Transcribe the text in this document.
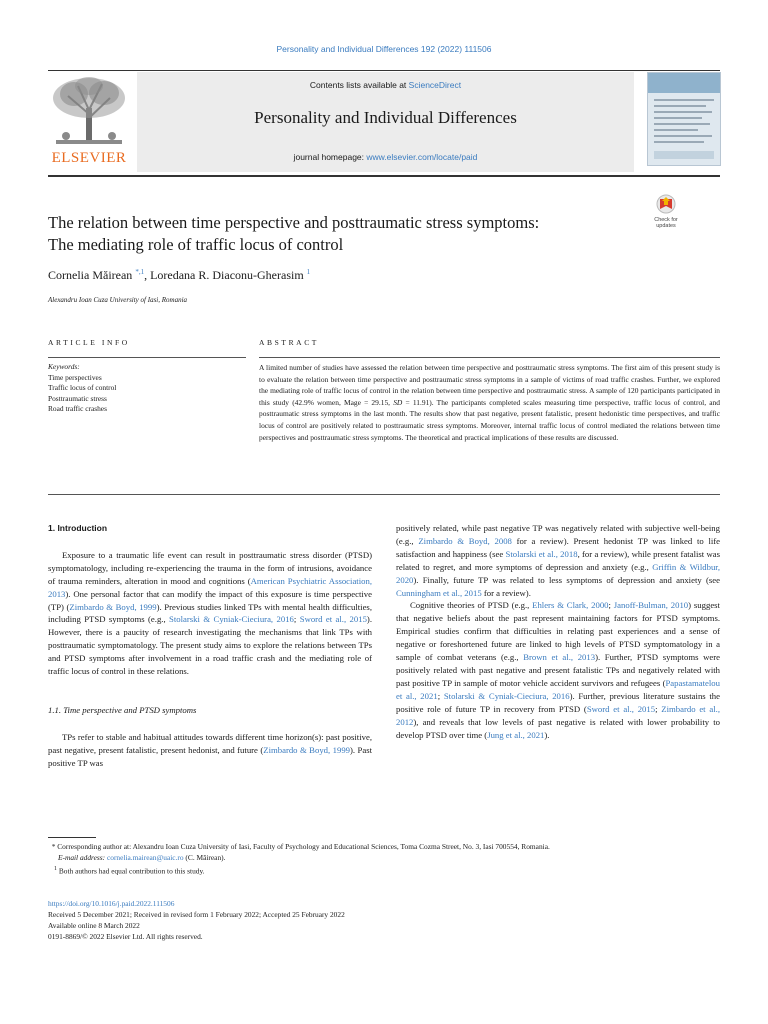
Personality and Individual Differences 192 (2022) 111506
ELSEVIER
Contents lists available at ScienceDirect
Personality and Individual Differences
journal homepage: www.elsevier.com/locate/paid
Check for
updates
The relation between time perspective and posttraumatic stress symptoms:
The mediating role of traffic locus of control
Cornelia Măirean $^{*,1}$, Loredana R. Diaconu-Gherasim $^1$
Alexandru Ioan Cuza University of Iasi, Romania
ARTICLE INFO	ABSTRACT
Keywords:
Time perspectives
Traffic locus of control
Posttraumatic stress
Road traffic crashes
A limited number of studies have assessed the relation between time perspective and posttraumatic stress symptoms. The first aim of this present study is to evaluate the relation between time perspective and posttraumatic stress symptoms in a sample of victims of road traffic crashes. Further, we explored the mediating role of traffic locus of control in the relation between time perspective and posttraumatic stress. A sample of 120 participants participated in this study (42.9% women, Mage = 29.15, SD = 11.91). The participants completed scales measuring time perspective, traffic locus of control, and posttraumatic stress symptoms in the last month. The results show that past negative, present fatalistic, present hedonistic time perspectives, and traffic locus of control are positively related to posttraumatic stress symptoms. Moreover, internal traffic locus of control mediated the relations between time perspectives and posttraumatic stress symptoms. The theoretical and practical implications of these results are discussed.
1. Introduction

Exposure to a traumatic life event can result in posttraumatic stress disorder (PTSD) symptomatology, including re-experiencing the trauma in the form of intrusions, avoidance of trauma reminders, alteration in mood and cognitions (American Psychiatric Association, 2013). One personal factor that can modify the impact of this exposure is time perspective (TP) (Zimbardo & Boyd, 1999). Previous studies linked TPs with mental health difficulties, including PTSD symptoms (e.g., Stolarski & Cyniak-Cieciura, 2016; Sword et al., 2015). However, there is a paucity of research investigating the mechanisms that link TPs with posttraumatic symptomatology. The present study aims to explore the relations between TPs and PTSD symptoms after involvement in a road traffic crash and the mediating role of traffic locus of control in these relations.

1.1. Time perspective and PTSD symptoms

TPs refer to stable and habitual attitudes towards different time horizon(s): past positive, past negative, present fatalistic, present hedonist, and future (Zimbardo & Boyd, 1999). Past positive TP was

positively related, while past negative TP was negatively related with subjective well-being (e.g., Zimbardo & Boyd, 2008 for a review). Present hedonist TP was linked to life satisfaction and happiness (see Stolarski et al., 2018, for a review), while present fatalist was related to regret, and more symptoms of depression and anxiety (e.g., Griffin & Wildbur, 2020). Finally, future TP was related to less symptoms of depression and anxiety (see Cunningham et al., 2015 for a review).

Cognitive theories of PTSD (e.g., Ehlers & Clark, 2000; Janoff-Bulman, 2010) suggest that negative beliefs about the past represent maintaining factors for PTSD symptoms. Empirical studies confirm that difficulties in relating past experiences and a sense of negative or foreshortened future are linked to high levels of PTSD symptomatology in a sample of combat veterans (e.g., Brown et al., 2013). Further, PTSD symptoms were positively related with past negative and present fatalistic TPs and negatively related with past positive TP in sample of motor vehicle accident survivors and refugees (Papastamatelou et al., 2021; Stolarski & Cyniak-Cieciura, 2016). Further, previous literature sustains the positive role of future TP in recovery from PTSD (Sword et al., 2015; Zimbardo et al., 2012), and reveals that low levels of past negative is related with lower probability to develop PTSD over time (Jung et al., 2021).

* Corresponding author at: Alexandru Ioan Cuza University of Iasi, Faculty of Psychology and Educational Sciences, Toma Cozma Street, No. 3, Iasi 700554, Romania.
E-mail address: cornelia.mairean@uaic.ro (C. Măirean).
$^1$ Both authors had equal contribution to this study.
https://doi.org/10.1016/j.paid.2022.111506
Received 5 December 2021; Received in revised form 1 February 2022; Accepted 25 February 2022
Available online 8 March 2022
0191-8869/© 2022 Elsevier Ltd. All rights reserved.
